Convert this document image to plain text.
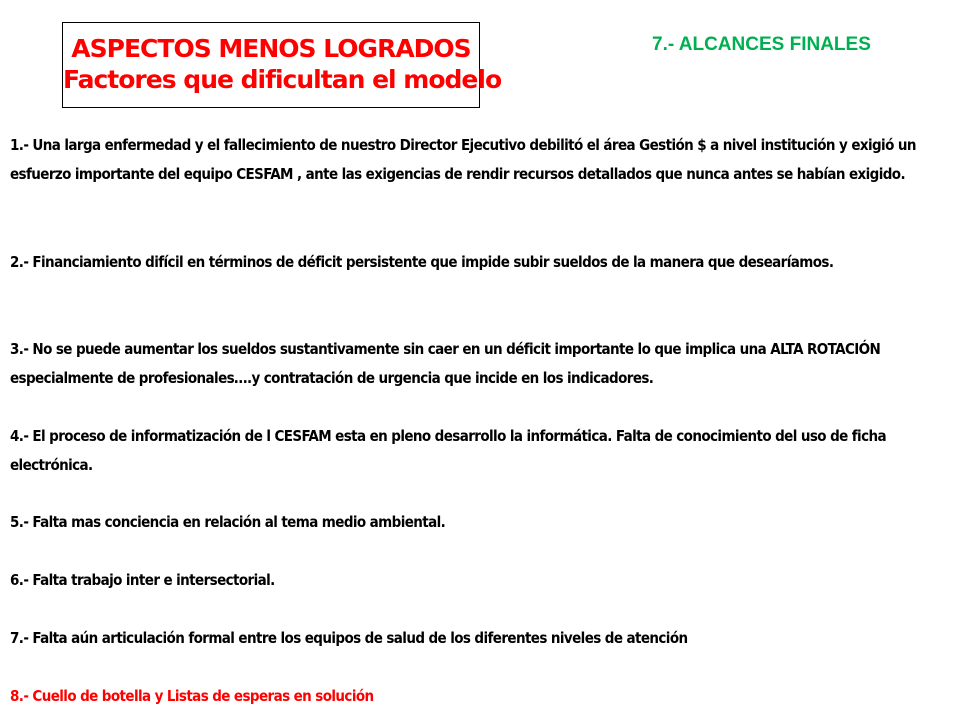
ASPECTOS MENOS LOGRADOS
Factores que dificultan el modelo
7.- ALCANCES FINALES
1.- Una larga enfermedad y el fallecimiento de nuestro Director Ejecutivo debilitó el área Gestión $ a nivel institución y exigió un esfuerzo importante del equipo CESFAM , ante las exigencias de rendir recursos detallados que nunca antes se habían exigido.
2.- Financiamiento difícil en términos de déficit persistente que impide subir sueldos de la manera que desearíamos.
3.- No se puede aumentar los sueldos sustantivamente sin caer en un déficit importante lo que implica una ALTA ROTACIÓN especialmente de profesionales….y contratación de urgencia que incide en los indicadores.
4.- El proceso de informatización de l CESFAM esta en pleno desarrollo la informática. Falta de conocimiento del uso de ficha electrónica.
5.- Falta mas conciencia en relación al tema medio ambiental.
6.- Falta trabajo inter e intersectorial.
7.- Falta aún articulación formal entre los equipos de salud de los diferentes niveles de atención
8.- Cuello de botella y Listas de esperas en solución
